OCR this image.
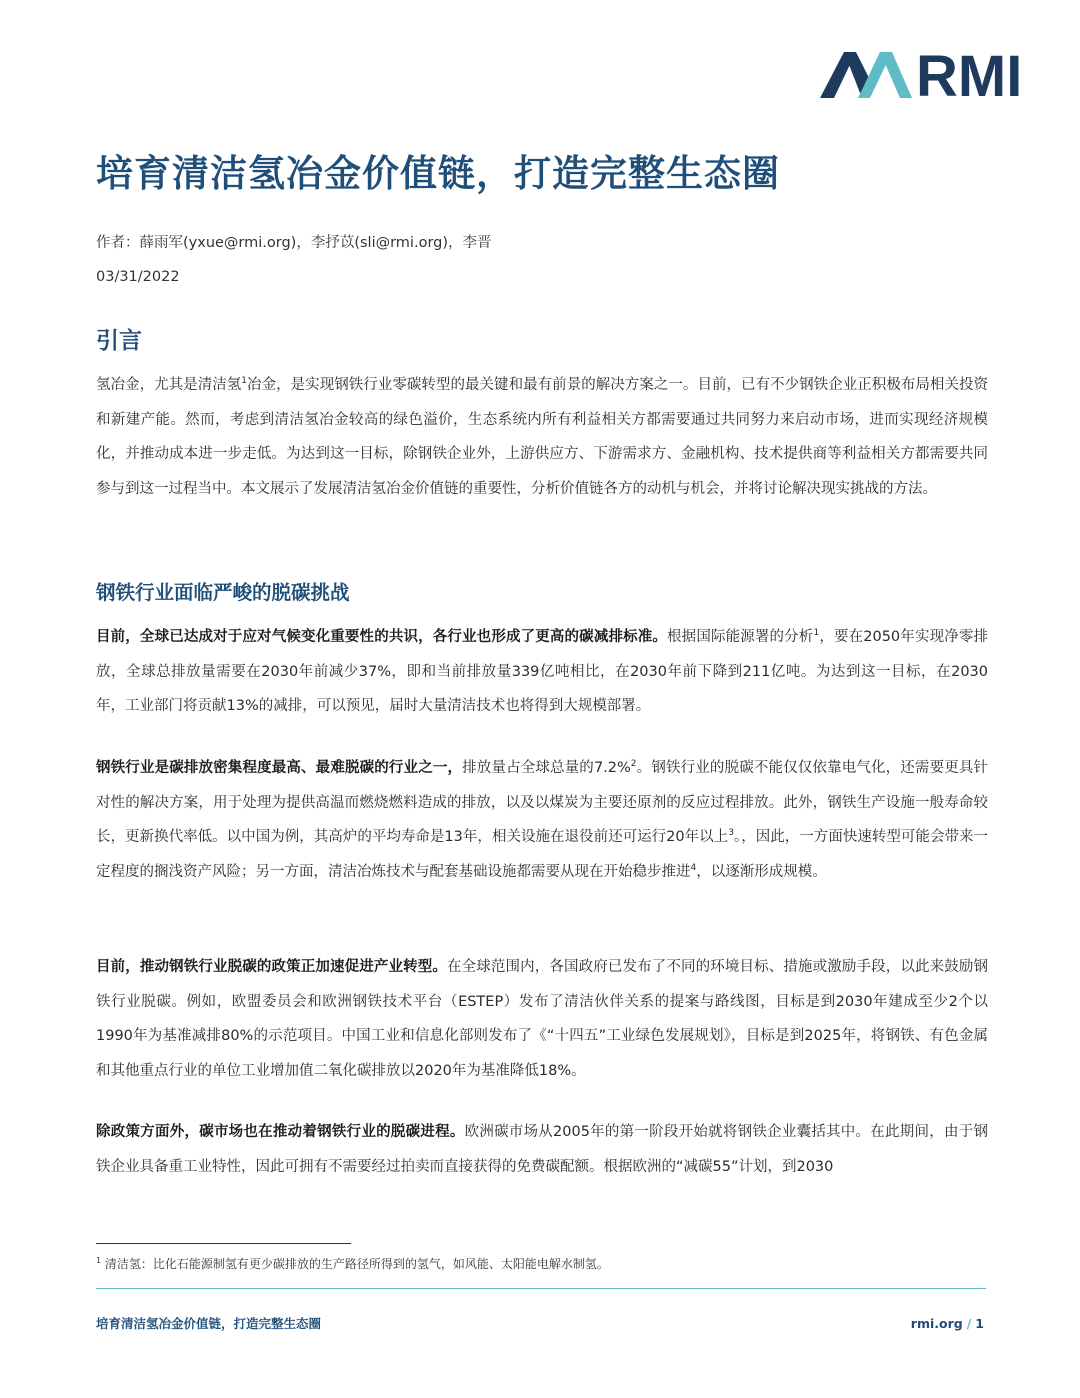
RMI
培育清洁氢冶金价值链，打造完整生态圈
作者：薛雨军(yxue@rmi.org)，李抒苡(sli@rmi.org)，李晋
03/31/2022
引言

氢冶金，尤其是清洁氢$^1$冶金，是实现钢铁行业零碳转型的最关键和最有前景的解决方案之一。目前，已有不少钢铁企业正积极布局相关投资和新建产能。然而，考虑到清洁氢冶金较高的绿色溢价，生态系统内所有利益相关方都需要通过共同努力来启动市场，进而实现经济规模化，并推动成本进一步走低。为达到这一目标，除钢铁企业外，上游供应方、下游需求方、金融机构、技术提供商等利益相关方都需要共同参与到这一过程当中。本文展示了发展清洁氢冶金价值链的重要性，分析价值链各方的动机与机会，并将讨论解决现实挑战的方法。

钢铁行业面临严峻的脱碳挑战

目前，全球已达成对于应对气候变化重要性的共识，各行业也形成了更高的碳减排标准。根据国际能源署的分析$^1$，要在2050年实现净零排放，全球总排放量需要在2030年前减少37%，即和当前排放量339亿吨相比，在2030年前下降到211亿吨。为达到这一目标，在2030年，工业部门将贡献13%的减排，可以预见，届时大量清洁技术也将得到大规模部署。

钢铁行业是碳排放密集程度最高、最难脱碳的行业之一，排放量占全球总量的7.2%$^2$。钢铁行业的脱碳不能仅仅依靠电气化，还需要更具针对性的解决方案，用于处理为提供高温而燃烧燃料造成的排放，以及以煤炭为主要还原剂的反应过程排放。此外，钢铁生产设施一般寿命较长，更新换代率低。以中国为例，其高炉的平均寿命是13年，相关设施在退役前还可运行20年以上$^3$。，因此，一方面快速转型可能会带来一定程度的搁浅资产风险；另一方面，清洁冶炼技术与配套基础设施都需要从现在开始稳步推进$^4$，以逐渐形成规模。

目前，推动钢铁行业脱碳的政策正加速促进产业转型。在全球范围内，各国政府已发布了不同的环境目标、措施或激励手段，以此来鼓励钢铁行业脱碳。例如，欧盟委员会和欧洲钢铁技术平台（ESTEP）发布了清洁伙伴关系的提案与路线图，目标是到2030年建成至少2个以1990年为基准减排80%的示范项目。中国工业和信息化部则发布了《“十四五”工业绿色发展规划》，目标是到2025年，将钢铁、有色金属和其他重点行业的单位工业增加值二氧化碳排放以2020年为基准降低18%。

除政策方面外，碳市场也在推动着钢铁行业的脱碳进程。欧洲碳市场从2005年的第一阶段开始就将钢铁企业囊括其中。在此期间，由于钢铁企业具备重工业特性，因此可拥有不需要经过拍卖而直接获得的免费碳配额。根据欧洲的“减碳55”计划，到2030

$^1$ 清洁氢：比化石能源制氢有更少碳排放的生产路径所得到的氢气，如风能、太阳能电解水制氢。
培育清洁氢冶金价值链，打造完整生态圈	rmi.org / 1
